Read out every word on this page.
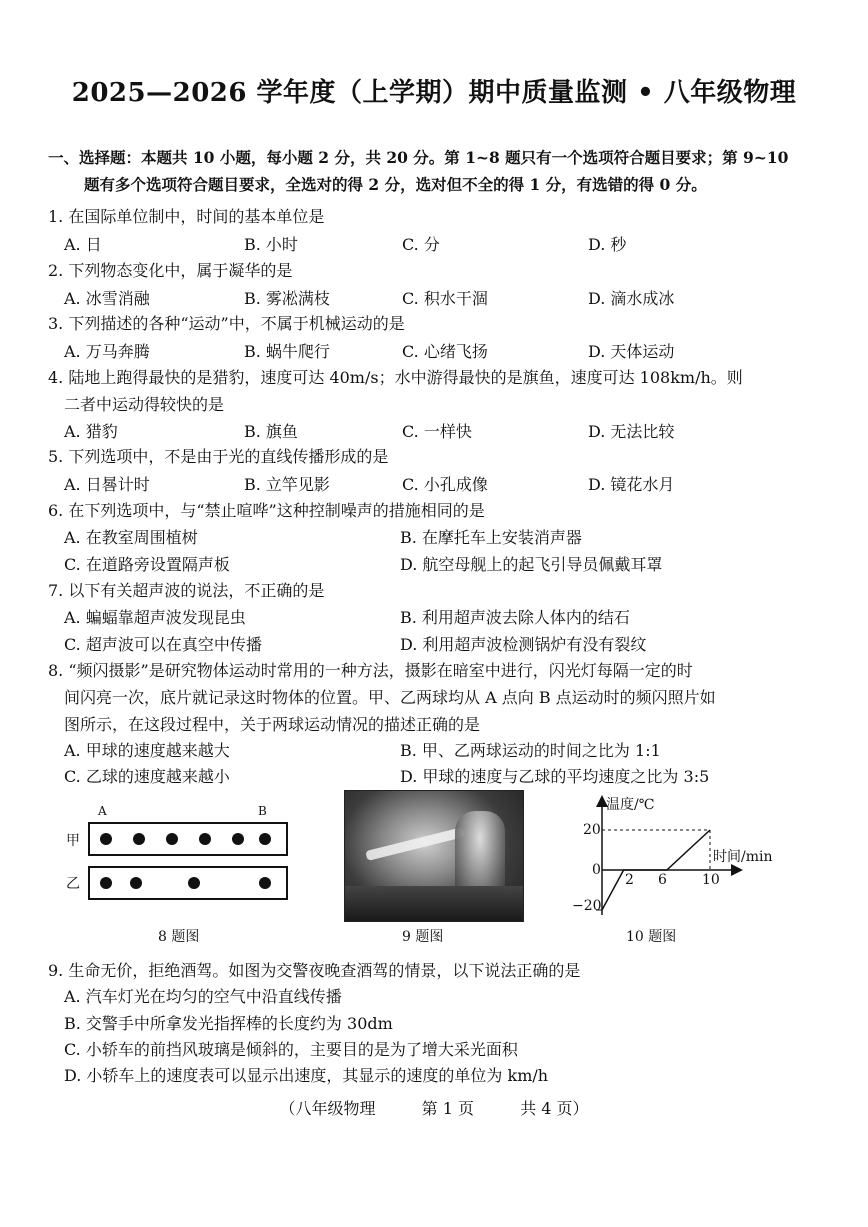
2025—2026 学年度（上学期）期中质量监测 • 八年级物理
一、选择题：本题共 10 小题，每小题 2 分，共 20 分。第 1~8 题只有一个选项符合题目要求；第 9~10
题有多个选项符合题目要求，全选对的得 2 分，选对但不全的得 1 分，有选错的得 0 分。
1. 在国际单位制中，时间的基本单位是
A. 日	B. 小时	C. 分	D. 秒
2. 下列物态变化中，属于凝华的是
A. 冰雪消融	B. 雾凇满枝	C. 积水干涸	D. 滴水成冰
3. 下列描述的各种“运动”中，不属于机械运动的是
A. 万马奔腾	B. 蜗牛爬行	C. 心绪飞扬	D. 天体运动
4. 陆地上跑得最快的是猎豹，速度可达 40m/s；水中游得最快的是旗鱼，速度可达 108km/h。则
二者中运动得较快的是
A. 猎豹	B. 旗鱼	C. 一样快	D. 无法比较
5. 下列选项中，不是由于光的直线传播形成的是
A. 日晷计时	B. 立竿见影	C. 小孔成像	D. 镜花水月
6. 在下列选项中，与“禁止喧哗”这种控制噪声的措施相同的是
A. 在教室周围植树	B. 在摩托车上安装消声器
C. 在道路旁设置隔声板	D. 航空母舰上的起飞引导员佩戴耳罩
7. 以下有关超声波的说法，不正确的是
A. 蝙蝠靠超声波发现昆虫	B. 利用超声波去除人体内的结石
C. 超声波可以在真空中传播	D. 利用超声波检测锅炉有没有裂纹
8. “频闪摄影”是研究物体运动时常用的一种方法，摄影在暗室中进行，闪光灯每隔一定的时
间闪亮一次，底片就记录这时物体的位置。甲、乙两球均从 A 点向 B 点运动时的频闪照片如
图所示，在这段过程中，关于两球运动情况的描述正确的是
A. 甲球的速度越来越大	B. 甲、乙两球运动的时间之比为 1:1
C. 乙球的速度越来越小	D. 甲球的速度与乙球的平均速度之比为 3:5
A	B
甲
乙
8 题图	9 题图
温度/℃
时间/min
20
0
−20
2 6	10
10 题图
9. 生命无价，拒绝酒驾。如图为交警夜晚查酒驾的情景，以下说法正确的是
A. 汽车灯光在均匀的空气中沿直线传播
B. 交警手中所拿发光指挥棒的长度约为 30dm
C. 小轿车的前挡风玻璃是倾斜的，主要目的是为了增大采光面积
D. 小轿车上的速度表可以显示出速度，其显示的速度的单位为 km/h
（八年级物理	第 1 页	共 4 页）
